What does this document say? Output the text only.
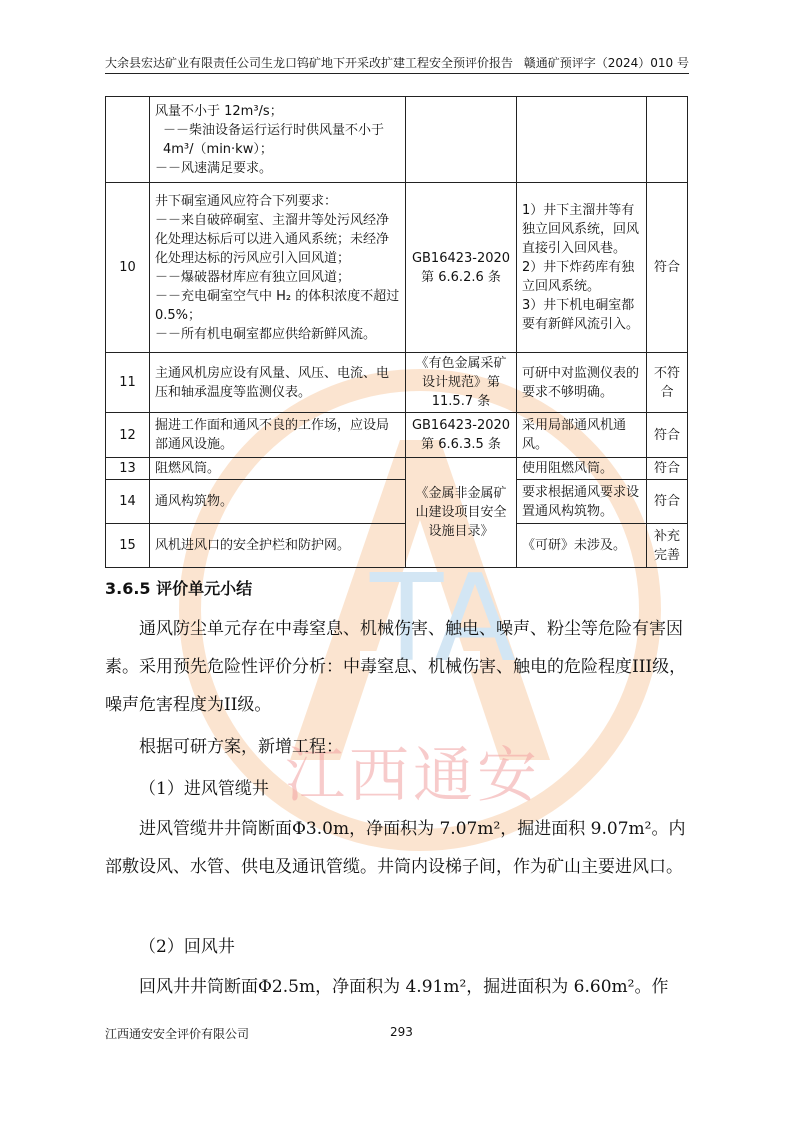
大余县宏达矿业有限责任公司生龙口钨矿地下开采改扩建工程安全预评价报告 赣通矿预评字（2024）010 号
TA
江西通安

	风量不小于 12m³/s；
－－柴油设备运行运行时供风量不小于 4m³/（min·kw）；
－－风速满足要求。			

10	井下硐室通风应符合下列要求：
－－来自破碎硐室、主溜井等处污风经净化处理达标后可以进入通风系统；未经净化处理达标的污风应引入回风道；
－－爆破器材库应有独立回风道；
－－充电硐室空气中 H₂ 的体积浓度不超过 0.5%；
－－所有机电硐室都应供给新鲜风流。	GB16423-2020 第 6.6.2.6 条	1）井下主溜井等有独立回风系统，回风直接引入回风巷。
2）井下炸药库有独立回风系统。
3）井下机电硐室都要有新鲜风流引入。	符合
11	主通风机房应设有风量、风压、电流、电压和轴承温度等监测仪表。	《有色金属采矿设计规范》第 11.5.7 条	可研中对监测仪表的要求不够明确。	不符合
12	掘进工作面和通风不良的工作场，应设局部通风设施。	GB16423-2020 第 6.6.3.5 条	采用局部通风机通风。	符合
13	阻燃风筒。	《金属非金属矿山建设项目安全设施目录》	使用阻燃风筒。	符合
14	通风构筑物。		要求根据通风要求设置通风构筑物。	符合
15	风机进风口的安全护栏和防护网。		《可研》未涉及。	补充完善
3.6.5 评价单元小结
通风防尘单元存在中毒窒息、机械伤害、触电、噪声、粉尘等危险有害因素。采用预先危险性评价分析：中毒窒息、机械伤害、触电的危险程度III级，噪声危害程度为II级。
根据可研方案，新增工程：
（1）进风管缆井
进风管缆井井筒断面Φ3.0m，净面积为 7.07m²，掘进面积 9.07m²。内部敷设风、水管、供电及通讯管缆。井筒内设梯子间，作为矿山主要进风口。
（2）回风井
回风井井筒断面Φ2.5m，净面积为 4.91m²，掘进面积为 6.60m²。作
江西通安安全评价有限公司	293
